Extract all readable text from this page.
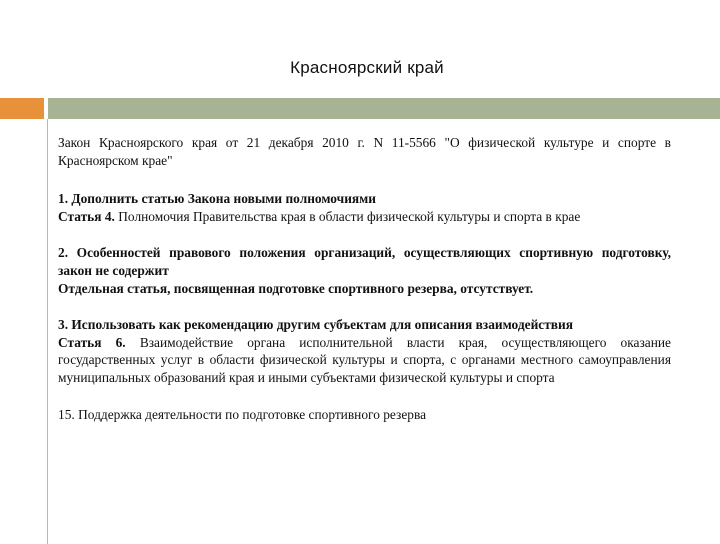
Красноярский край

Закон Красноярского края от 21 декабря 2010 г. N 11-5566 "О физической культуре и спорте в Красноярском крае"

1. Дополнить статью Закона новыми полномочиями

Статья 4. Полномочия Правительства края в области физической культуры и спорта в крае

2. Особенностей правового положения организаций, осуществляющих спортивную подготовку, закон не содержит

Отдельная статья, посвященная подготовке спортивного резерва, отсутствует.

3. Использовать как рекомендацию другим субъектам для описания взаимодействия

Статья 6. Взаимодействие органа исполнительной власти края, осуществляющего оказание государственных услуг в области физической культуры и спорта, с органами местного самоуправления муниципальных образований края и иными субъектами физической культуры и спорта

15. Поддержка деятельности по подготовке спортивного резерва
